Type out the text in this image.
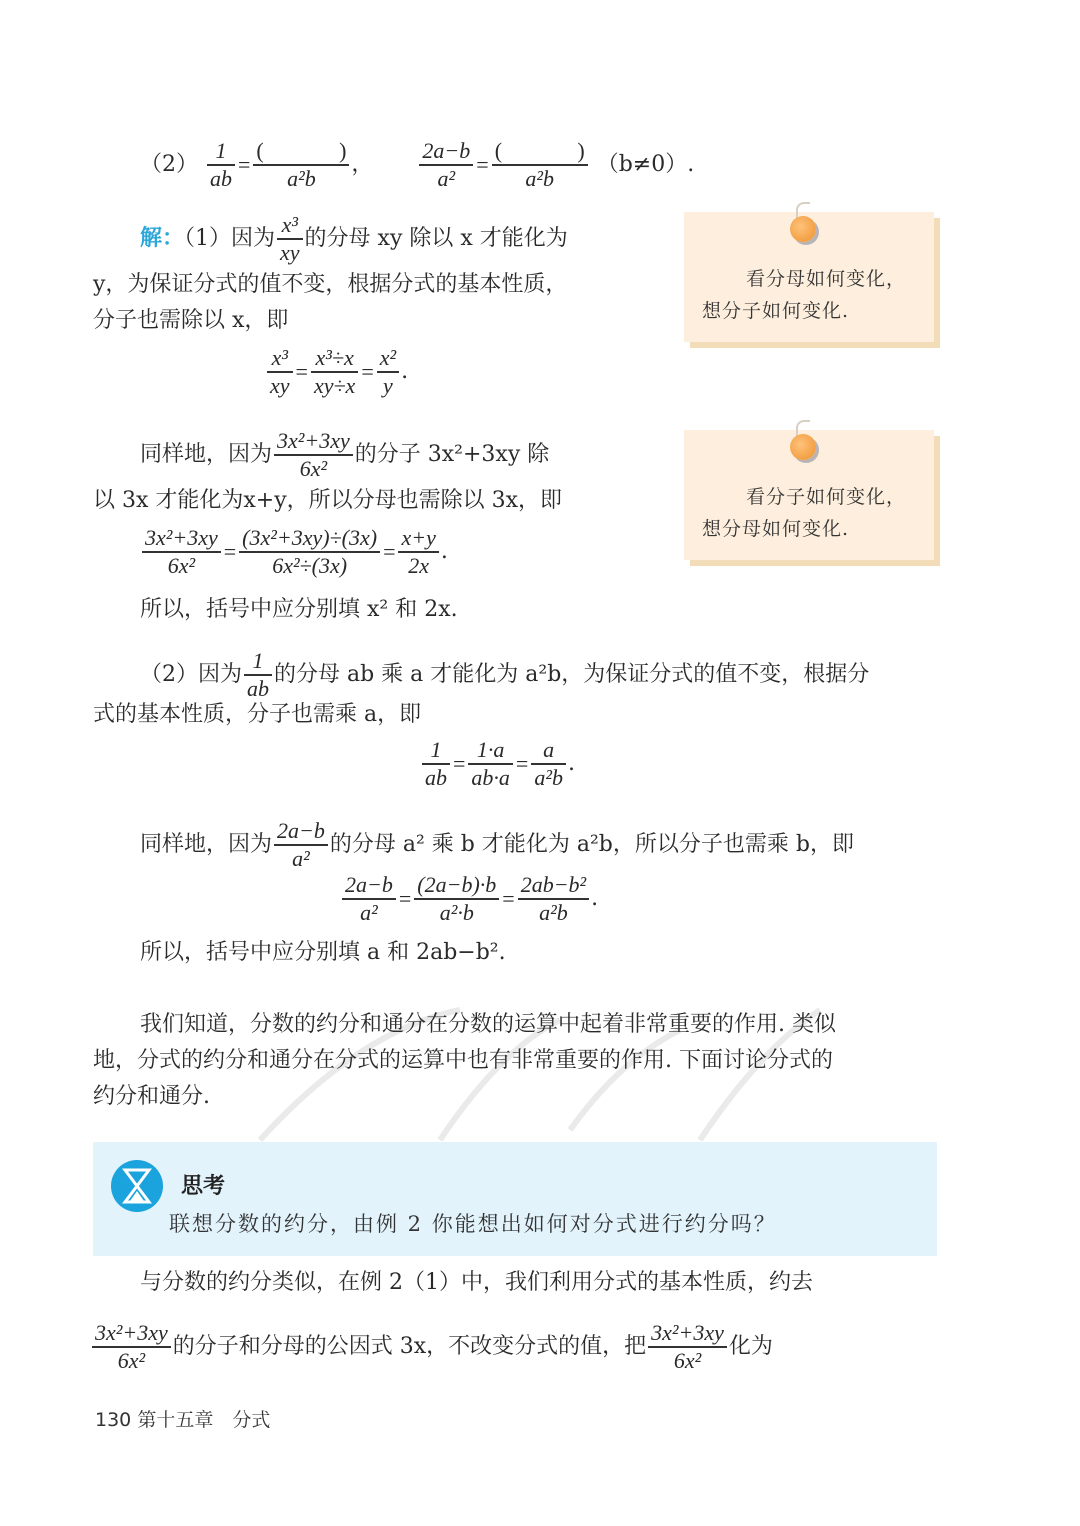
$(2) \frac{1}{ab}$ = (	)
a²b ， $\frac{2a-b}{\text{a²}}$ = (	)
a²b （b≠0）.
解：（1）因为 $\frac{\text{x³}}{xy}$ 的分母 xy 除以 x 才能化为
y，为保证分式的值不变，根据分式的基本性质，
分子也需除以 x，即
$\frac{\text{x³}}{xy} = \frac{\text{x³÷x}}{xy\div x} = \frac{\text{x²}}{y}$ .
同样地，因为 $\frac{\text{3x²+3xy}}{\text{6x²}}$ 的分子 3x²+3xy 除
以 3x 才能化为x+y，所以分母也需除以 3x，即
$\frac{\text{3x²+3xy}}{\text{6x²}} = \frac{\text{(3x²+3xy)÷(3x)}}{\text{6x²÷(3x)}} = \frac{x+y}{2x}$ .
所以，括号中应分别填 x² 和 2x.
（2）因为 $\frac{1}{ab}$ 的分母 ab 乘 a 才能化为 a²b，为保证分式的值不变，根据分
式的基本性质，分子也需乘 a，即
$\frac{1}{ab} = \frac{1\cdot a}{ab\cdot a} = \frac{a}{\text{a²b}}$ .
同样地，因为 $\frac{2a-b}{\text{a²}}$ 的分母 a² 乘 b 才能化为 a²b，所以分子也需乘 b，即
$\frac{2a-b}{\text{a²}} = \frac{(2a-b)\cdot b}{\text{a²·b}} = \frac{\text{2ab−b²}}{\text{a²b}}$ .
所以，括号中应分别填 a 和 2ab−b².
看分母如何变化，
想分子如何变化.
看分子如何变化，
想分母如何变化.
我们知道，分数的约分和通分在分数的运算中起着非常重要的作用. 类似
地，分式的约分和通分在分式的运算中也有非常重要的作用. 下面讨论分式的
约分和通分.
思考
联想分数的约分，由例 2 你能想出如何对分式进行约分吗？
与分数的约分类似，在例 2（1）中，我们利用分式的基本性质，约去
$\frac{\text{3x²+3xy}}{\text{6x²}}$ 的分子和分母的公因式 3x，不改变分式的值，把 $\frac{\text{3x²+3xy}}{\text{6x²}}$ 化为
130 第十五章　分式
